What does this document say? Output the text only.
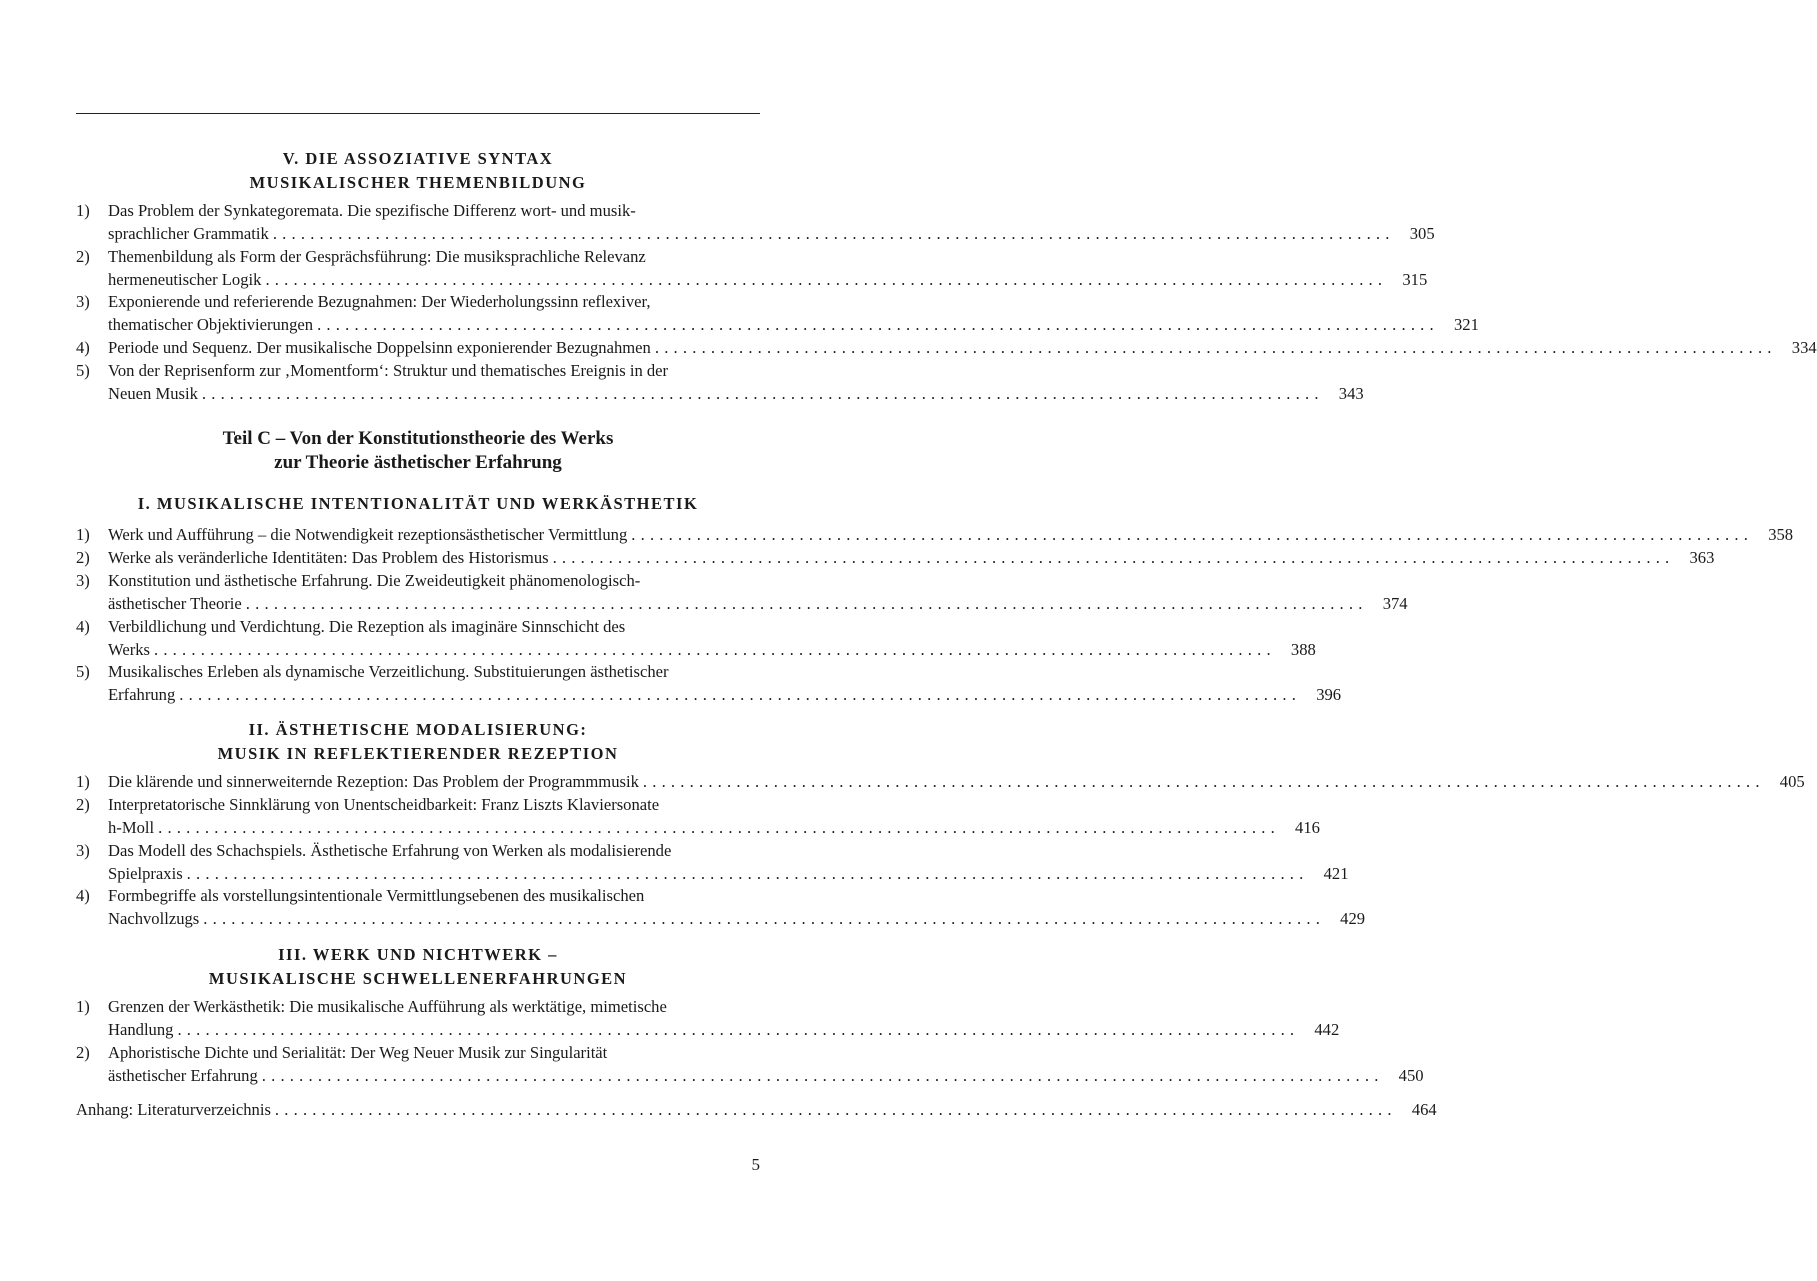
V. DIE ASSOZIATIVE SYNTAX
MUSIKALISCHER THEMENBILDUNG
1)	Das Problem der Synkategoremata. Die spezifische Differenz wort- und musik-
sprachlicher Grammatik ........................................................................................................................ 305
2)	Themenbildung als Form der Gesprächsführung: Die musiksprachliche Relevanz
hermeneutischer Logik ........................................................................................................................ 315
3)	Exponierende und referierende Bezugnahmen: Der Wiederholungssinn reflexiver,
thematischer Objektivierungen ........................................................................................................................ 321
4)	Periode und Sequenz. Der musikalische Doppelsinn exponierender Bezugnahmen ........................................................................................................................ 334
5)	Von der Reprisenform zur ‚Momentform‘: Struktur und thematisches Ereignis in der
Neuen Musik ........................................................................................................................ 343
Teil C – Von der Konstitutionstheorie des Werks
zur Theorie ästhetischer Erfahrung
I. MUSIKALISCHE INTENTIONALITÄT UND WERKÄSTHETIK
1)	Werk und Aufführung – die Notwendigkeit rezeptionsästhetischer Vermittlung ........................................................................................................................ 358
2)	Werke als veränderliche Identitäten: Das Problem des Historismus ........................................................................................................................ 363
3)	Konstitution und ästhetische Erfahrung. Die Zweideutigkeit phänomenologisch-
ästhetischer Theorie ........................................................................................................................ 374
4)	Verbildlichung und Verdichtung. Die Rezeption als imaginäre Sinnschicht des
Werks ........................................................................................................................ 388
5)	Musikalisches Erleben als dynamische Verzeitlichung. Substituierungen ästhetischer
Erfahrung ........................................................................................................................ 396
II. ÄSTHETISCHE MODALISIERUNG:
MUSIK IN REFLEKTIERENDER REZEPTION
1)	Die klärende und sinnerweiternde Rezeption: Das Problem der Programmmusik ........................................................................................................................ 405
2)	Interpretatorische Sinnklärung von Unentscheidbarkeit: Franz Liszts Klaviersonate
h-Moll ........................................................................................................................ 416
3)	Das Modell des Schachspiels. Ästhetische Erfahrung von Werken als modalisierende
Spielpraxis ........................................................................................................................ 421
4)	Formbegriffe als vorstellungsintentionale Vermittlungsebenen des musikalischen
Nachvollzugs ........................................................................................................................ 429
III. WERK UND NICHTWERK –
MUSIKALISCHE SCHWELLENERFAHRUNGEN
1)	Grenzen der Werkästhetik: Die musikalische Aufführung als werktätige, mimetische
Handlung ........................................................................................................................ 442
2)	Aphoristische Dichte und Serialität: Der Weg Neuer Musik zur Singularität
ästhetischer Erfahrung ........................................................................................................................ 450
Anhang: Literaturverzeichnis ........................................................................................................................ 464
5
